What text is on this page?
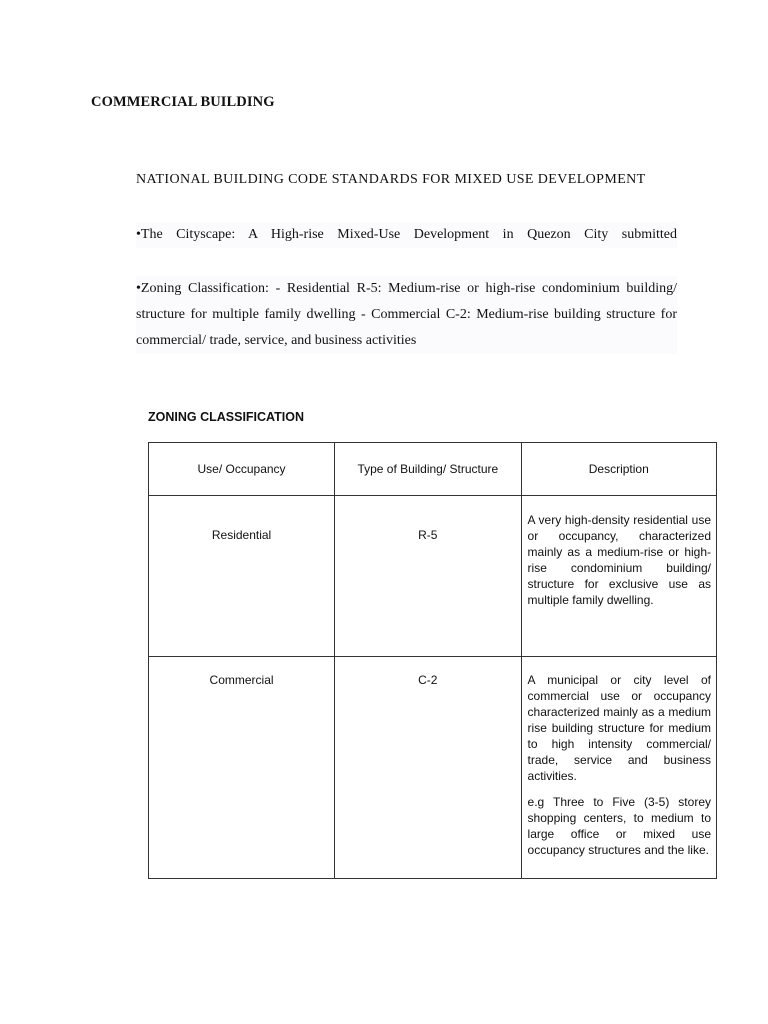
COMMERCIAL BUILDING
NATIONAL BUILDING CODE STANDARDS FOR MIXED USE DEVELOPMENT
•The Cityscape: A High-rise Mixed-Use Development in Quezon City submitted
•Zoning Classification: - Residential R-5: Medium-rise or high-rise condominium building/ structure for multiple family dwelling - Commercial C-2: Medium-rise building structure for commercial/ trade, service, and business activities
ZONING CLASSIFICATION
Use/ Occupancy	Type of Building/ Structure	Description
Residential	R-5	A very high-density residential use or occupancy, characterized mainly as a medium-rise or high-rise condominium building/ structure for exclusive use as multiple family dwelling.

Commercial	C-2	A municipal or city level of commercial use or occupancy characterized mainly as a medium rise building structure for medium to high intensity commercial/ trade, service and business activities.

e.g Three to Five (3-5) storey shopping centers, to medium to large office or mixed use occupancy structures and the like.
